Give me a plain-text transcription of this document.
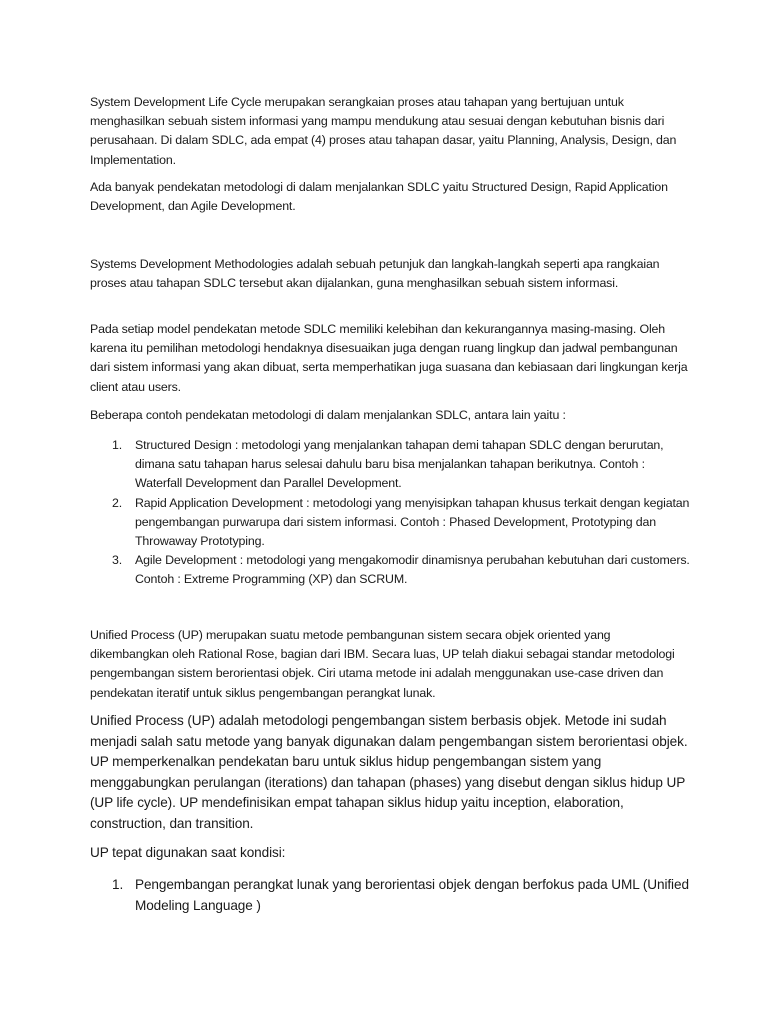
System Development Life Cycle merupakan serangkaian proses atau tahapan yang bertujuan untuk menghasilkan sebuah sistem informasi yang mampu mendukung atau sesuai dengan kebutuhan bisnis dari perusahaan. Di dalam SDLC, ada empat (4) proses atau tahapan dasar, yaitu Planning, Analysis, Design, dan Implementation.

Ada banyak pendekatan metodologi di dalam menjalankan SDLC yaitu Structured Design, Rapid Application Development, dan Agile Development.

Systems Development Methodologies adalah sebuah petunjuk dan langkah-langkah seperti apa rangkaian proses atau tahapan SDLC tersebut akan dijalankan, guna menghasilkan sebuah sistem informasi.

Pada setiap model pendekatan metode SDLC memiliki kelebihan dan kekurangannya masing-masing. Oleh karena itu pemilihan metodologi hendaknya disesuaikan juga dengan ruang lingkup dan jadwal pembangunan dari sistem informasi yang akan dibuat, serta memperhatikan juga suasana dan kebiasaan dari lingkungan kerja client atau users.

Beberapa contoh pendekatan metodologi di dalam menjalankan SDLC, antara lain yaitu :

1. Structured Design : metodologi yang menjalankan tahapan demi tahapan SDLC dengan berurutan, dimana satu tahapan harus selesai dahulu baru bisa menjalankan tahapan berikutnya. Contoh : Waterfall Development dan Parallel Development.
2. Rapid Application Development : metodologi yang menyisipkan tahapan khusus terkait dengan kegiatan pengembangan purwarupa dari sistem informasi. Contoh : Phased Development, Prototyping dan Throwaway Prototyping.
3. Agile Development : metodologi yang mengakomodir dinamisnya perubahan kebutuhan dari customers. Contoh : Extreme Programming (XP) dan SCRUM.

Unified Process (UP) merupakan suatu metode pembangunan sistem secara objek oriented yang dikembangkan oleh Rational Rose, bagian dari IBM. Secara luas, UP telah diakui sebagai standar metodologi pengembangan sistem berorientasi objek. Ciri utama metode ini adalah menggunakan use-case driven dan pendekatan iteratif untuk siklus pengembangan perangkat lunak.

Unified Process (UP) adalah metodologi pengembangan sistem berbasis objek. Metode ini sudah menjadi salah satu metode yang banyak digunakan dalam pengembangan sistem berorientasi objek. UP memperkenalkan pendekatan baru untuk siklus hidup pengembangan sistem yang menggabungkan perulangan (iterations) dan tahapan (phases) yang disebut dengan siklus hidup UP (UP life cycle). UP mendefinisikan empat tahapan siklus hidup yaitu inception, elaboration, construction, dan transition.

UP tepat digunakan saat kondisi:

1. Pengembangan perangkat lunak yang berorientasi objek dengan berfokus pada UML (Unified Modeling Language )
